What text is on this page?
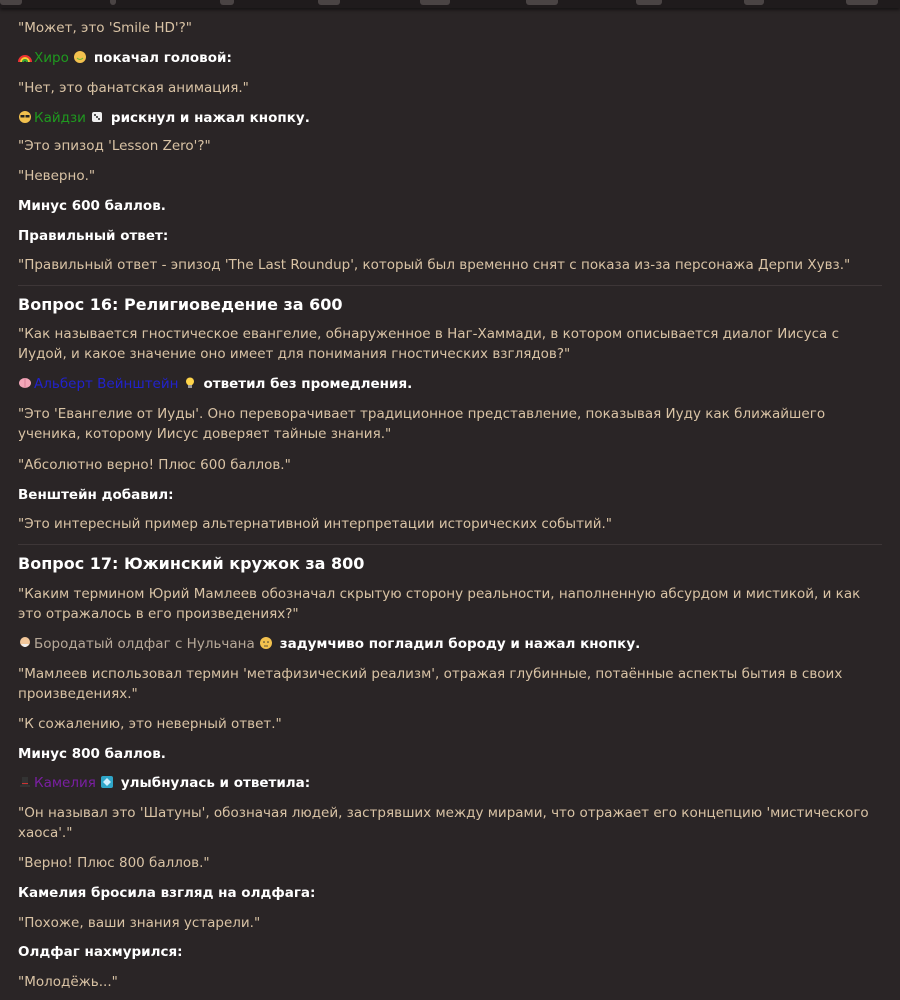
"Может, это 'Smile HD'?"
Хиро  покачал головой:
"Нет, это фанатская анимация."
Кайдзи  рискнул и нажал кнопку.
"Это эпизод 'Lesson Zero'?"
"Неверно."
Минус 600 баллов.
Правильный ответ:
"Правильный ответ - эпизод 'The Last Roundup', который был временно снят с показа из-за персонажа Дерпи Хувз."
Вопрос 16: Религиоведение за 600
"Как называется гностическое евангелие, обнаруженное в Наг-Хаммади, в котором описывается диалог Иисуса с Иудой, и какое значение оно имеет для понимания гностических взглядов?"
Альберт Вейнштейн  ответил без промедления.
"Это 'Евангелие от Иуды'. Оно переворачивает традиционное представление, показывая Иуду как ближайшего ученика, которому Иисус доверяет тайные знания."
"Абсолютно верно! Плюс 600 баллов."
Венштейн добавил:
"Это интересный пример альтернативной интерпретации исторических событий."
Вопрос 17: Южинский кружок за 800
"Каким термином Юрий Мамлеев обозначал скрытую сторону реальности, наполненную абсурдом и мистикой, и как это отражалось в его произведениях?"
Бородатый олдфаг с Нульчана  задумчиво погладил бороду и нажал кнопку.
"Мамлеев использовал термин 'метафизический реализм', отражая глубинные, потаённые аспекты бытия в своих произведениях."
"К сожалению, это неверный ответ."
Минус 800 баллов.
Камелия  улыбнулась и ответила:
"Он называл это 'Шатуны', обозначая людей, застрявших между мирами, что отражает его концепцию 'мистического хаоса'."
"Верно! Плюс 800 баллов."
Камелия бросила взгляд на олдфага:
"Похоже, ваши знания устарели."
Олдфаг нахмурился:
"Молодёжь..."
